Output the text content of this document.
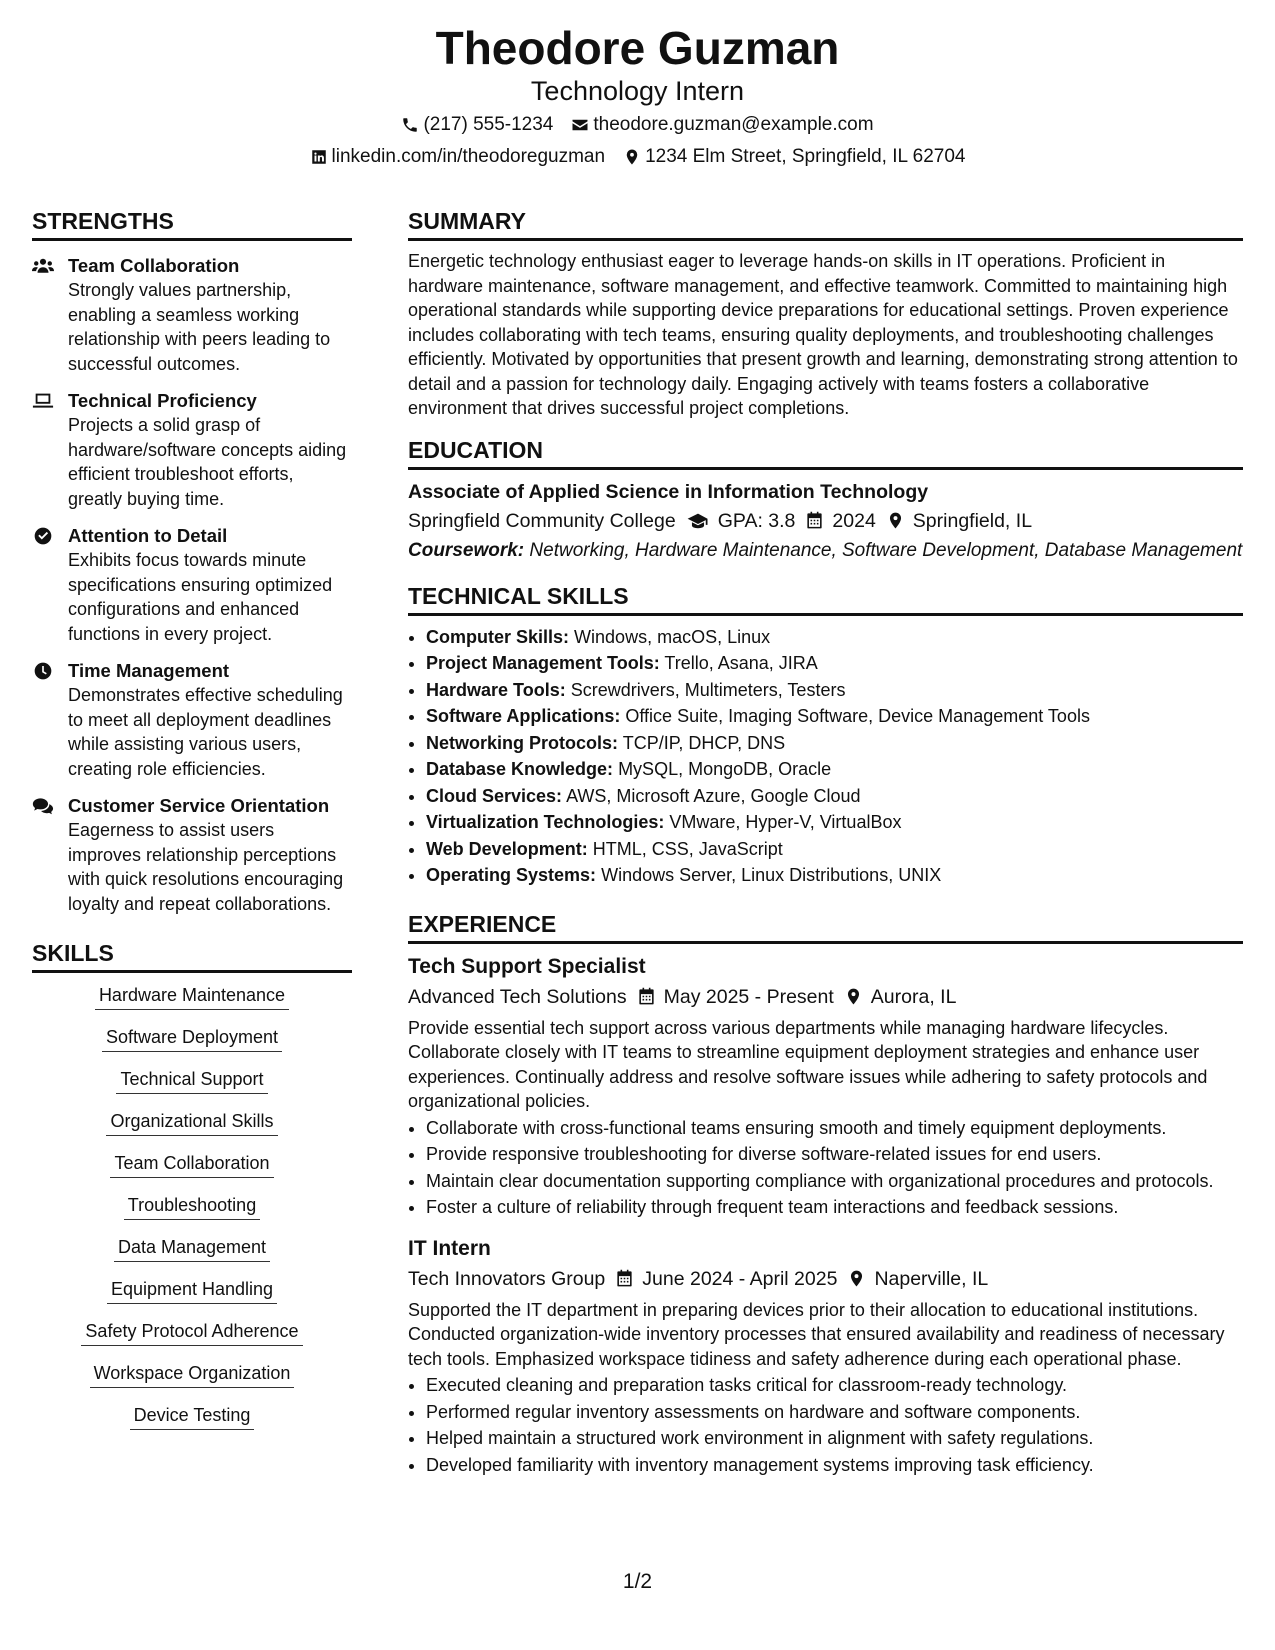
Theodore Guzman
Technology Intern
(217) 555-1234 theodore.guzman@example.com
linkedin.com/in/theodoreguzman 1234 Elm Street, Springfield, IL 62704
STRENGTHS
Team Collaboration
Strongly values partnership, enabling a seamless working relationship with peers leading to successful outcomes.
Technical Proficiency
Projects a solid grasp of hardware/software concepts aiding efficient troubleshoot efforts, greatly buying time.
Attention to Detail
Exhibits focus towards minute specifications ensuring optimized configurations and enhanced functions in every project.
Time Management
Demonstrates effective scheduling to meet all deployment deadlines while assisting various users, creating role efficiencies.
Customer Service Orientation
Eagerness to assist users improves relationship perceptions with quick resolutions encouraging loyalty and repeat collaborations.
SKILLS
Hardware Maintenance
Software Deployment
Technical Support
Organizational Skills
Team Collaboration
Troubleshooting
Data Management
Equipment Handling
Safety Protocol Adherence
Workspace Organization
Device Testing
SUMMARY
Energetic technology enthusiast eager to leverage hands-on skills in IT operations. Proficient in hardware maintenance, software management, and effective teamwork. Committed to maintaining high operational standards while supporting device preparations for educational settings. Proven experience includes collaborating with tech teams, ensuring quality deployments, and troubleshooting challenges efficiently. Motivated by opportunities that present growth and learning, demonstrating strong attention to detail and a passion for technology daily. Engaging actively with teams fosters a collaborative environment that drives successful project completions.
EDUCATION
Associate of Applied Science in Information Technology
Springfield Community College GPA: 3.8 2024 Springfield, IL
Coursework: Networking, Hardware Maintenance, Software Development, Database Management
TECHNICAL SKILLS
• Computer Skills: Windows, macOS, Linux
• Project Management Tools: Trello, Asana, JIRA
• Hardware Tools: Screwdrivers, Multimeters, Testers
• Software Applications: Office Suite, Imaging Software, Device Management Tools
• Networking Protocols: TCP/IP, DHCP, DNS
• Database Knowledge: MySQL, MongoDB, Oracle
• Cloud Services: AWS, Microsoft Azure, Google Cloud
• Virtualization Technologies: VMware, Hyper-V, VirtualBox
• Web Development: HTML, CSS, JavaScript
• Operating Systems: Windows Server, Linux Distributions, UNIX
EXPERIENCE
Tech Support Specialist
Advanced Tech Solutions May 2025 - Present Aurora, IL
Provide essential tech support across various departments while managing hardware lifecycles. Collaborate closely with IT teams to streamline equipment deployment strategies and enhance user experiences. Continually address and resolve software issues while adhering to safety protocols and organizational policies.
• Collaborate with cross-functional teams ensuring smooth and timely equipment deployments.
• Provide responsive troubleshooting for diverse software-related issues for end users.
• Maintain clear documentation supporting compliance with organizational procedures and protocols.
• Foster a culture of reliability through frequent team interactions and feedback sessions.
IT Intern
Tech Innovators Group June 2024 - April 2025 Naperville, IL
Supported the IT department in preparing devices prior to their allocation to educational institutions. Conducted organization-wide inventory processes that ensured availability and readiness of necessary tech tools. Emphasized workspace tidiness and safety adherence during each operational phase.
• Executed cleaning and preparation tasks critical for classroom-ready technology.
• Performed regular inventory assessments on hardware and software components.
• Helped maintain a structured work environment in alignment with safety regulations.
• Developed familiarity with inventory management systems improving task efficiency.
1/2
